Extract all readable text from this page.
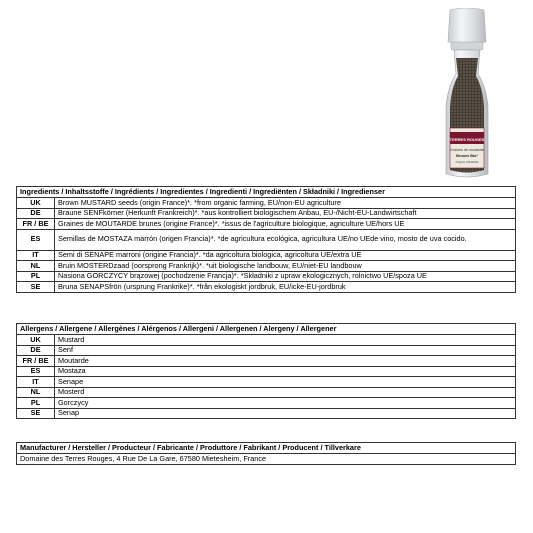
TERRES ROUGES
Graines de moutarde
Brunes Bio*
Origine FRANCE
Ingredients / Inhaltsstoffe / Ingrédients / Ingredientes / Ingredienti / Ingrediënten / Składniki / Ingredienser	
UK	Brown MUSTARD seeds (origin France)*. *from organic farming, EU/non-EU agriculture
DE	Braune SENFkörner (Herkunft Frankreich)*. *aus kontrolliert biologischem Anbau, EU-/Nicht-EU-Landwirtschaft
FR / BE	Graines de MOUTARDE brunes (origine France)*. *issus de l'agriculture biologique, agriculture UE/hors UE
ES	Semillas de MOSTAZA marrón (origen Francia)*. *de agricultura ecológica, agricultura UE/no UEde vino, mosto de uva cocido.
IT	Semi di SENAPE marroni (origine Francia)*. *da agricoltura biologica, agricoltura UE/extra UE
NL	Bruin MOSTERDzaad (oorsprong Frankrijk)*. *uit biologische landbouw, EU/niet-EU landbouw
PL	Nasiona GORCZYCY brązowej (pochodzenie Francja)*. *Składniki z upraw ekologicznych, rolnictwo UE/spoza UE
SE	Bruna SENAPSfrön (ursprung Frankrike)*. *från ekologiskt jordbruk, EU/icke-EU-jordbruk
Allergens / Allergene / Allergènes / Alérgenos / Allergeni / Allergenen / Alergeny / Allergener	
UK	Mustard
DE	Senf
FR / BE	Moutarde
ES	Mostaza
IT	Senape
NL	Mosterd
PL	Gorczycy
SE	Senap
Manufacturer / Hersteller / Producteur / Fabricante / Produttore / Fabrikant / Producent / Tillverkare
Domaine des Terres Rouges, 4 Rue De La Gare, 67580 Mietesheim, France
